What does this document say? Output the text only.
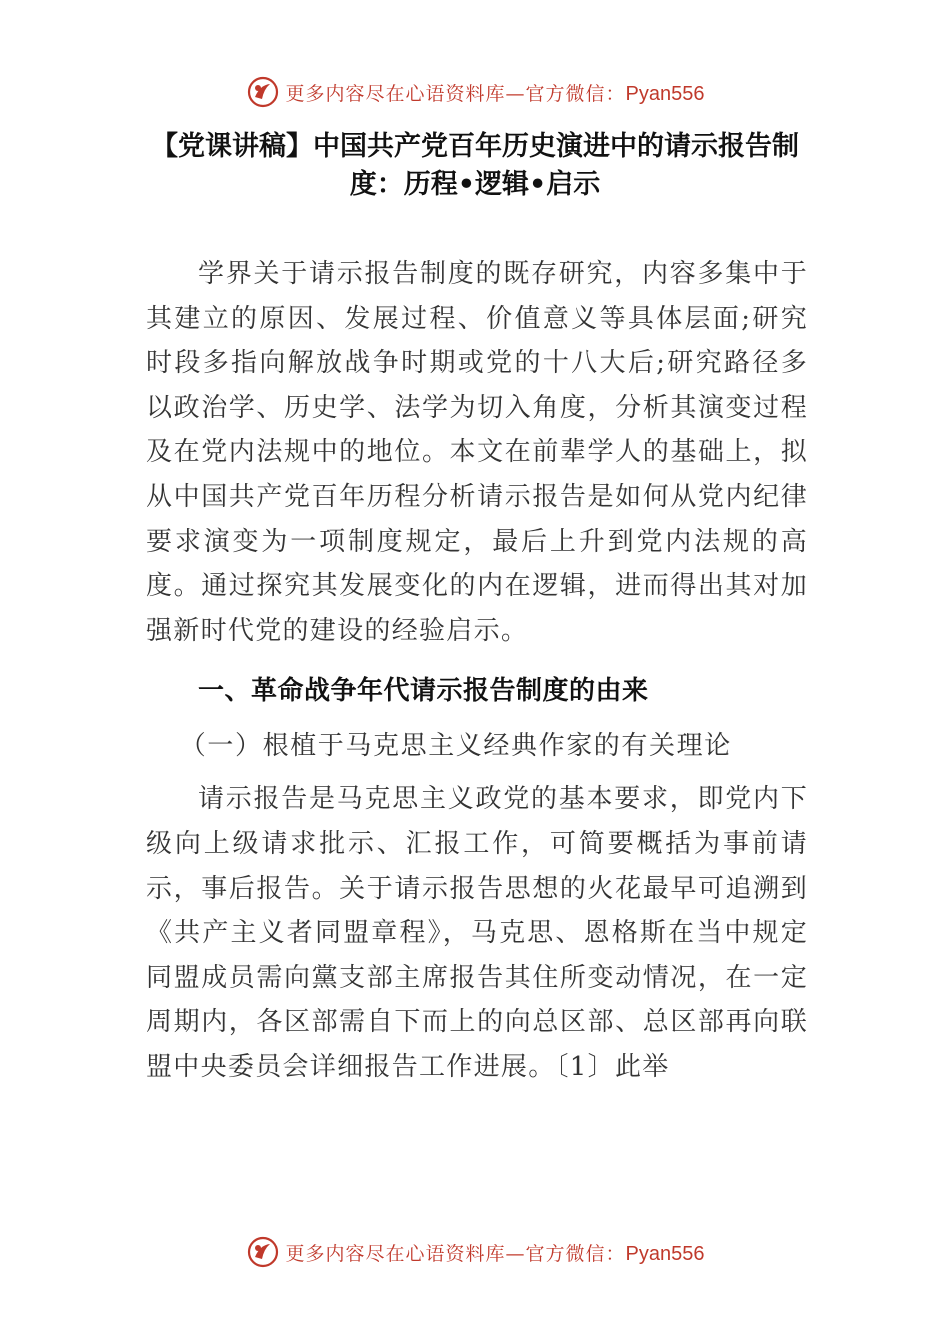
更多内容尽在心语资料库—官方微信：Pyan556
【党课讲稿】中国共产党百年历史演进中的请示报告制度：历程•逻辑•启示

学界关于请示报告制度的既存研究，内容多集中于其建立的原因、发展过程、价值意义等具体层面;研究时段多指向解放战争时期或党的十八大后;研究路径多以政治学、历史学、法学为切入角度，分析其演变过程及在党内法规中的地位。本文在前辈学人的基础上，拟从中国共产党百年历程分析请示报告是如何从党内纪律要求演变为一项制度规定，最后上升到党内法规的高度。通过探究其发展变化的内在逻辑，进而得出其对加强新时代党的建设的经验启示。

一、革命战争年代请示报告制度的由来

（一）根植于马克思主义经典作家的有关理论

请示报告是马克思主义政党的基本要求，即党内下级向上级请求批示、汇报工作，可简要概括为事前请示，事后报告。关于请示报告思想的火花最早可追溯到《共产主义者同盟章程》，马克思、恩格斯在当中规定同盟成员需向黨支部主席报告其住所变动情况，在一定周期内，各区部需自下而上的向总区部、总区部再向联盟中央委员会详细报告工作进展。〔1〕此举

更多内容尽在心语资料库—官方微信：Pyan556
